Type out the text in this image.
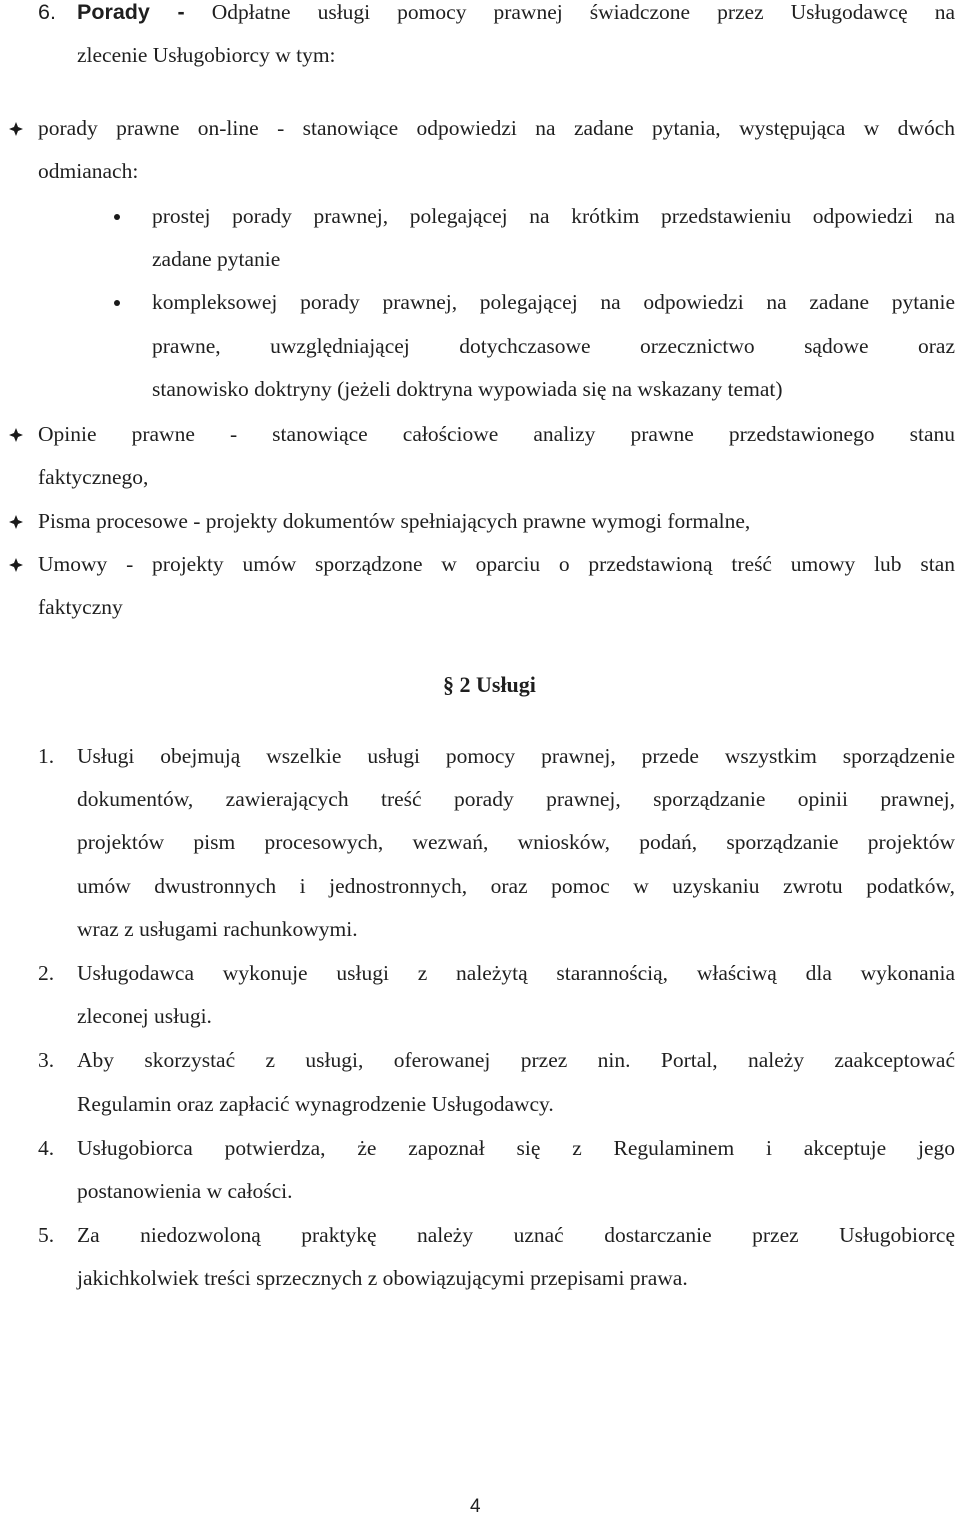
6. Porady - Odpłatne usługi pomocy prawnej świadczone przez Usługodawcę na
zlecenie Usługobiorcy w tym:
porady prawne on-line - stanowiące odpowiedzi na zadane pytania, występująca w dwóch
odmianach:
prostej porady prawnej, polegającej na krótkim przedstawieniu odpowiedzi na
zadane pytanie
kompleksowej porady prawnej, polegającej na odpowiedzi na zadane pytanie
prawne, uwzględniającej dotychczasowe orzecznictwo sądowe oraz
stanowisko doktryny (jeżeli doktryna wypowiada się na wskazany temat)
Opinie prawne - stanowiące całościowe analizy prawne przedstawionego stanu
faktycznego,
Pisma procesowe - projekty dokumentów spełniających prawne wymogi formalne,
Umowy - projekty umów sporządzone w oparciu o przedstawioną treść umowy lub stan
faktyczny
§ 2 Usługi
1. Usługi obejmują wszelkie usługi pomocy prawnej, przede wszystkim sporządzenie
dokumentów, zawierających treść porady prawnej, sporządzanie opinii prawnej,
projektów pism procesowych, wezwań, wniosków, podań, sporządzanie projektów
umów dwustronnych i jednostronnych, oraz pomoc w uzyskaniu zwrotu podatków,
wraz z usługami rachunkowymi.
2. Usługodawca wykonuje usługi z należytą starannością, właściwą dla wykonania
zleconej usługi.
3. Aby skorzystać z usługi, oferowanej przez nin. Portal, należy zaakceptować
Regulamin oraz zapłacić wynagrodzenie Usługodawcy.
4. Usługobiorca potwierdza, że zapoznał się z Regulaminem i akceptuje jego
postanowienia w całości.
5. Za niedozwoloną praktykę należy uznać dostarczanie przez Usługobiorcę
jakichkolwiek treści sprzecznych z obowiązującymi przepisami prawa.
4
